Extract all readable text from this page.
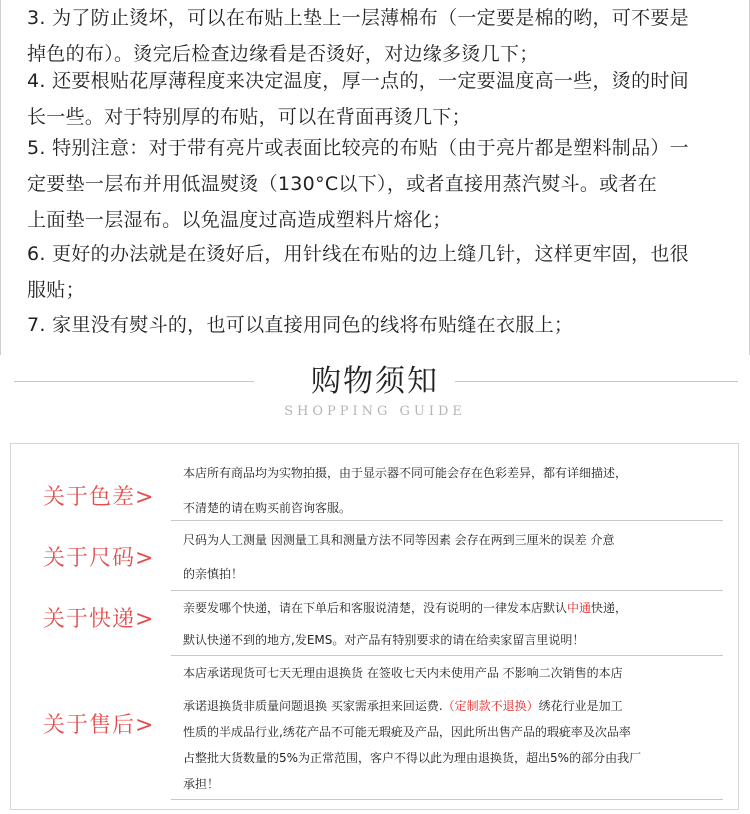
3. 为了防止烫坏，可以在布贴上垫上一层薄棉布（一定要是棉的哟，可不要是
掉色的布）。烫完后检查边缘看是否烫好，对边缘多烫几下；
4. 还要根贴花厚薄程度来决定温度，厚一点的，一定要温度高一些，烫的时间
长一些。对于特别厚的布贴，可以在背面再烫几下；
5. 特别注意：对于带有亮片或表面比较亮的布贴（由于亮片都是塑料制品）一
定要垫一层布并用低温熨烫（130°C以下），或者直接用蒸汽熨斗。或者在
上面垫一层湿布。以免温度过高造成塑料片熔化；
6. 更好的办法就是在烫好后，用针线在布贴的边上缝几针，这样更牢固，也很
服贴；
7. 家里没有熨斗的，也可以直接用同色的线将布贴缝在衣服上；
购物须知
SHOPPING GUIDE
关于色差>
本店所有商品均为实物拍摄，由于显示器不同可能会存在色彩差异，都有详细描述，
不清楚的请在购买前咨询客服。
关于尺码>
尺码为人工测量 因测量工具和测量方法不同等因素 会存在两到三厘米的误差 介意
的亲慎拍！
关于快递> 亲要发哪个快递，请在下单后和客服说清楚，没有说明的一律发本店默认中通快递，
默认快递不到的地方,发EMS。对产品有特别要求的请在给卖家留言里说明！
关于售后>
本店承诺现货可七天无理由退换货 在签收七天内未使用产品 不影响二次销售的本店
承诺退换货非质量问题退换 买家需承担来回运费.（定制款不退换）绣花行业是加工
性质的半成品行业,绣花产品不可能无瑕疵及产品，因此所出售产品的瑕疵率及次品率
占整批大货数量的5%为正常范围，客户不得以此为理由退换货，超出5%的部分由我厂
承担！
